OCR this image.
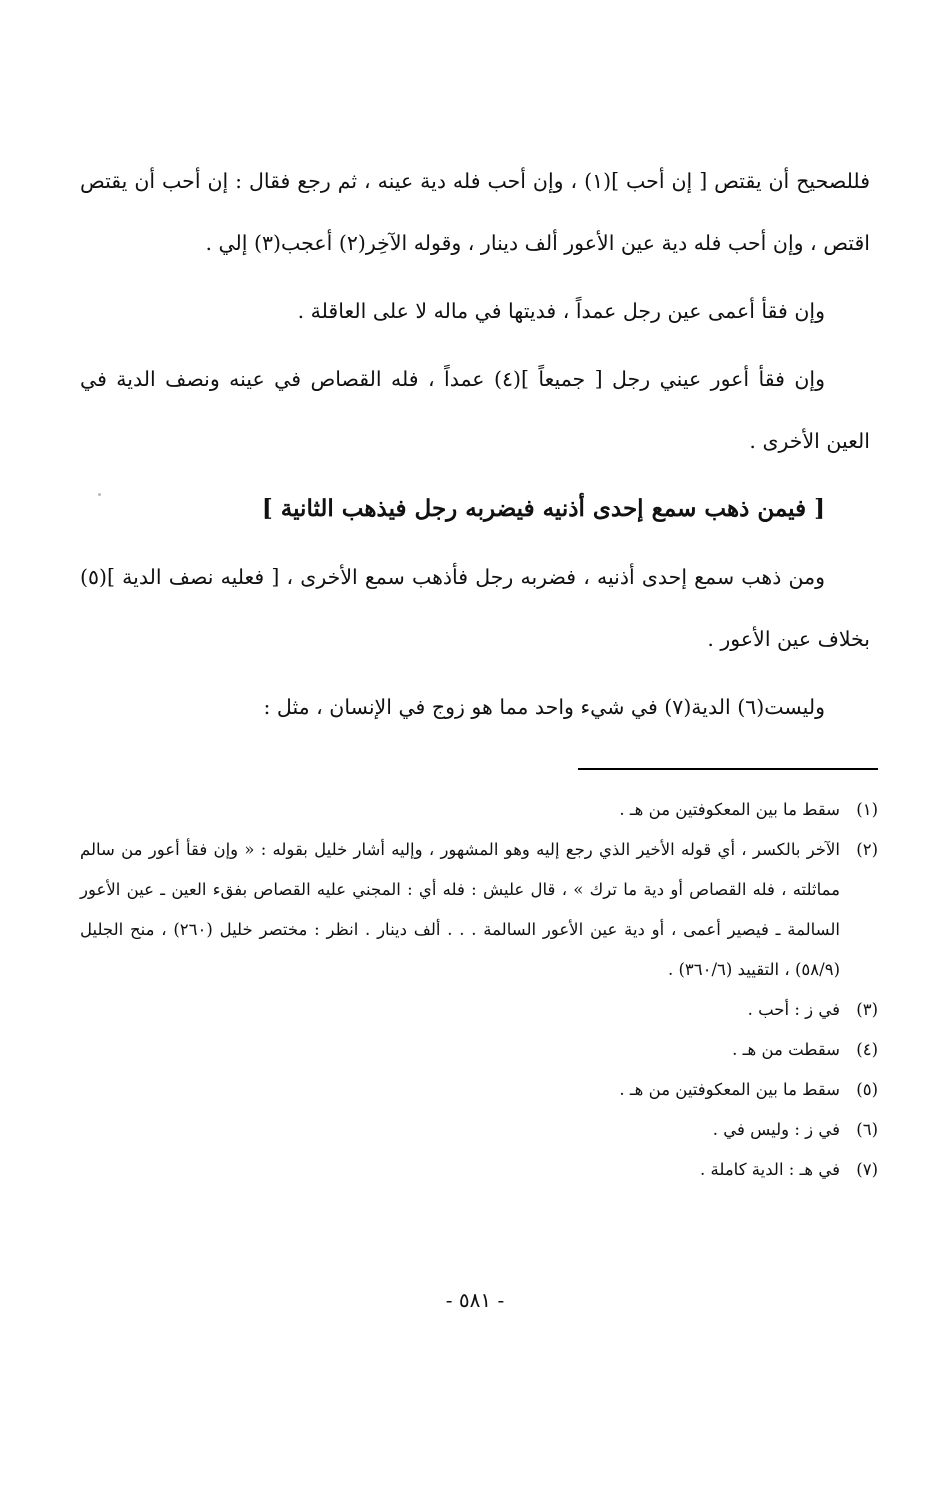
فللصحيح أن يقتص [ إن أحب ](١) ، وإن أحب فله دية عينه ، ثم رجع فقال : إن أحب أن يقتص اقتص ، وإن أحب فله دية عين الأعور ألف دينار ، وقوله الآخِر(٢) أعجب(٣) إلي .

وإن فقأ أعمى عين رجل عمداً ، فديتها في ماله لا على العاقلة .

وإن فقأ أعور عيني رجل [ جميعاً ](٤) عمداً ، فله القصاص في عينه ونصف الدية في العين الأخرى .

[ فيمن ذهب سمع إحدى أذنيه فيضربه رجل فيذهب الثانية ]

ومن ذهب سمع إحدى أذنيه ، فضربه رجل فأذهب سمع الأخرى ، [ فعليه نصف الدية ](٥) بخلاف عين الأعور .

وليست(٦) الدية(٧) في شيء واحد مما هو زوج في الإنسان ، مثل :

(١)
سقط ما بين المعكوفتين من هـ .
(٢)
الآخر بالكسر ، أي قوله الأخير الذي رجع إليه وهو المشهور ، وإليه أشار خليل بقوله : « وإن فقأ أعور من سالم مماثلته ، فله القصاص أو دية ما ترك » ، قال عليش : فله أي : المجني عليه القصاص بفقء العين ـ عين الأعور السالمة ـ فيصير أعمى ، أو دية عين الأعور السالمة . . . ألف دينار . انظر : مختصر خليل (٢٦٠) ، منح الجليل (٥٨/٩) ، التقييد (٣٦٠/٦) .
(٣)
في ز : أحب .
(٤)
سقطت من هـ .
(٥)
سقط ما بين المعكوفتين من هـ .
(٦)
في ز : وليس في .
(٧)
في هـ : الدية كاملة .
- ٥٨١ -
